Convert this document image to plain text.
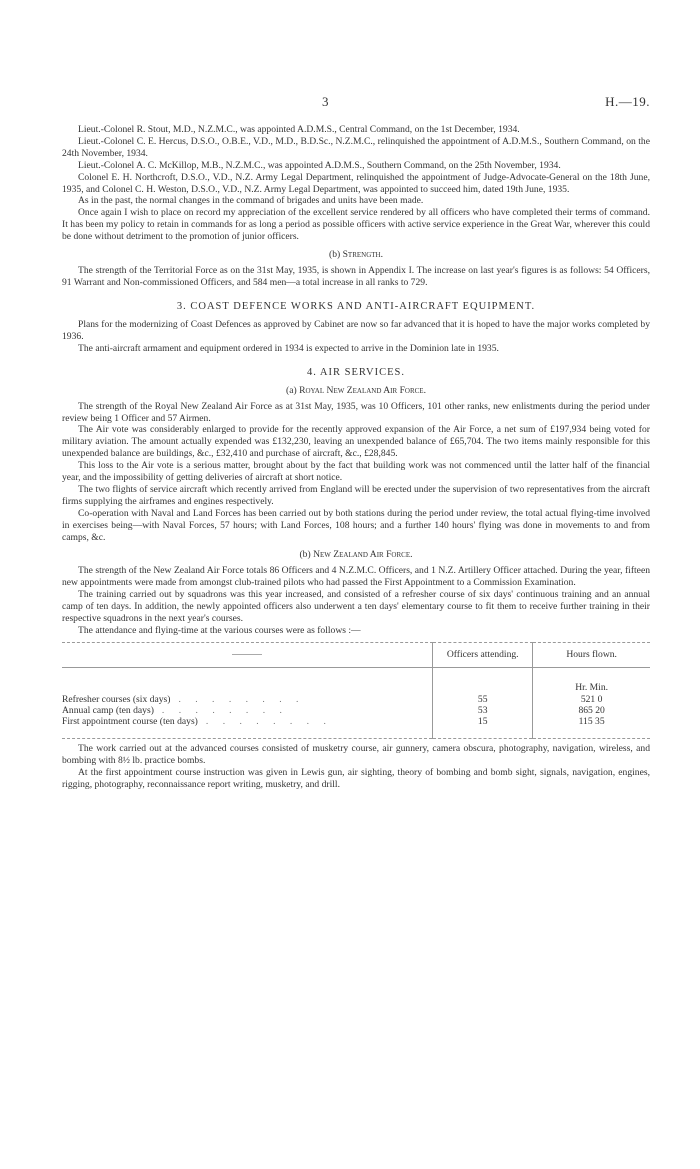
3	H.—19.

Lieut.-Colonel R. Stout, M.D., N.Z.M.C., was appointed A.D.M.S., Central Command, on the 1st December, 1934.

Lieut.-Colonel C. E. Hercus, D.S.O., O.B.E., V.D., M.D., B.D.Sc., N.Z.M.C., relinquished the appointment of A.D.M.S., Southern Command, on the 24th November, 1934.

Lieut.-Colonel A. C. McKillop, M.B., N.Z.M.C., was appointed A.D.M.S., Southern Command, on the 25th November, 1934.

Colonel E. H. Northcroft, D.S.O., V.D., N.Z. Army Legal Department, relinquished the appointment of Judge-Advocate-General on the 18th June, 1935, and Colonel C. H. Weston, D.S.O., V.D., N.Z. Army Legal Department, was appointed to succeed him, dated 19th June, 1935.

As in the past, the normal changes in the command of brigades and units have been made.

Once again I wish to place on record my appreciation of the excellent service rendered by all officers who have completed their terms of command. It has been my policy to retain in commands for as long a period as possible officers with active service experience in the Great War, wherever this could be done without detriment to the promotion of junior officers.

(b) Strength.

The strength of the Territorial Force as on the 31st May, 1935, is shown in Appendix I. The increase on last year's figures is as follows: 54 Officers, 91 Warrant and Non-commissioned Officers, and 584 men—a total increase in all ranks to 729.

3. COAST DEFENCE WORKS AND ANTI-AIRCRAFT EQUIPMENT.

Plans for the modernizing of Coast Defences as approved by Cabinet are now so far advanced that it is hoped to have the major works completed by 1936.

The anti-aircraft armament and equipment ordered in 1934 is expected to arrive in the Dominion late in 1935.

4. AIR SERVICES.
(a) Royal New Zealand Air Force.

The strength of the Royal New Zealand Air Force as at 31st May, 1935, was 10 Officers, 101 other ranks, new enlistments during the period under review being 1 Officer and 57 Airmen.

The Air vote was considerably enlarged to provide for the recently approved expansion of the Air Force, a net sum of £197,934 being voted for military aviation. The amount actually expended was £132,230, leaving an unexpended balance of £65,704. The two items mainly responsible for this unexpended balance are buildings, &c., £32,410 and purchase of aircraft, &c., £28,845.

This loss to the Air vote is a serious matter, brought about by the fact that building work was not commenced until the latter half of the financial year, and the impossibility of getting deliveries of aircraft at short notice.

The two flights of service aircraft which recently arrived from England will be erected under the supervision of two representatives from the aircraft firms supplying the airframes and engines respectively.

Co-operation with Naval and Land Forces has been carried out by both stations during the period under review, the total actual flying-time involved in exercises being—with Naval Forces, 57 hours; with Land Forces, 108 hours; and a further 140 hours' flying was done in movements to and from camps, &c.

(b) New Zealand Air Force.

The strength of the New Zealand Air Force totals 86 Officers and 4 N.Z.M.C. Officers, and 1 N.Z. Artillery Officer attached. During the year, fifteen new appointments were made from amongst club-trained pilots who had passed the First Appointment to a Commission Examination.

The training carried out by squadrons was this year increased, and consisted of a refresher course of six days' continuous training and an annual camp of ten days. In addition, the newly appointed officers also underwent a ten days' elementary course to fit them to receive further training in their respective squadrons in the next year's courses.

The attendance and flying-time at the various courses were as follows :—

	Officers attending.	Hours flown.

		Hr. Min.
Refresher courses (six days) . . . . . . . .	55	521 0
Annual camp (ten days) . . . . . . . .	53	865 20
First appointment course (ten days) . . . . . . . .	15	115 35

The work carried out at the advanced courses consisted of musketry course, air gunnery, camera obscura, photography, navigation, wireless, and bombing with 8½ lb. practice bombs.

At the first appointment course instruction was given in Lewis gun, air sighting, theory of bombing and bomb sight, signals, navigation, engines, rigging, photography, reconnaissance report writing, musketry, and drill.
